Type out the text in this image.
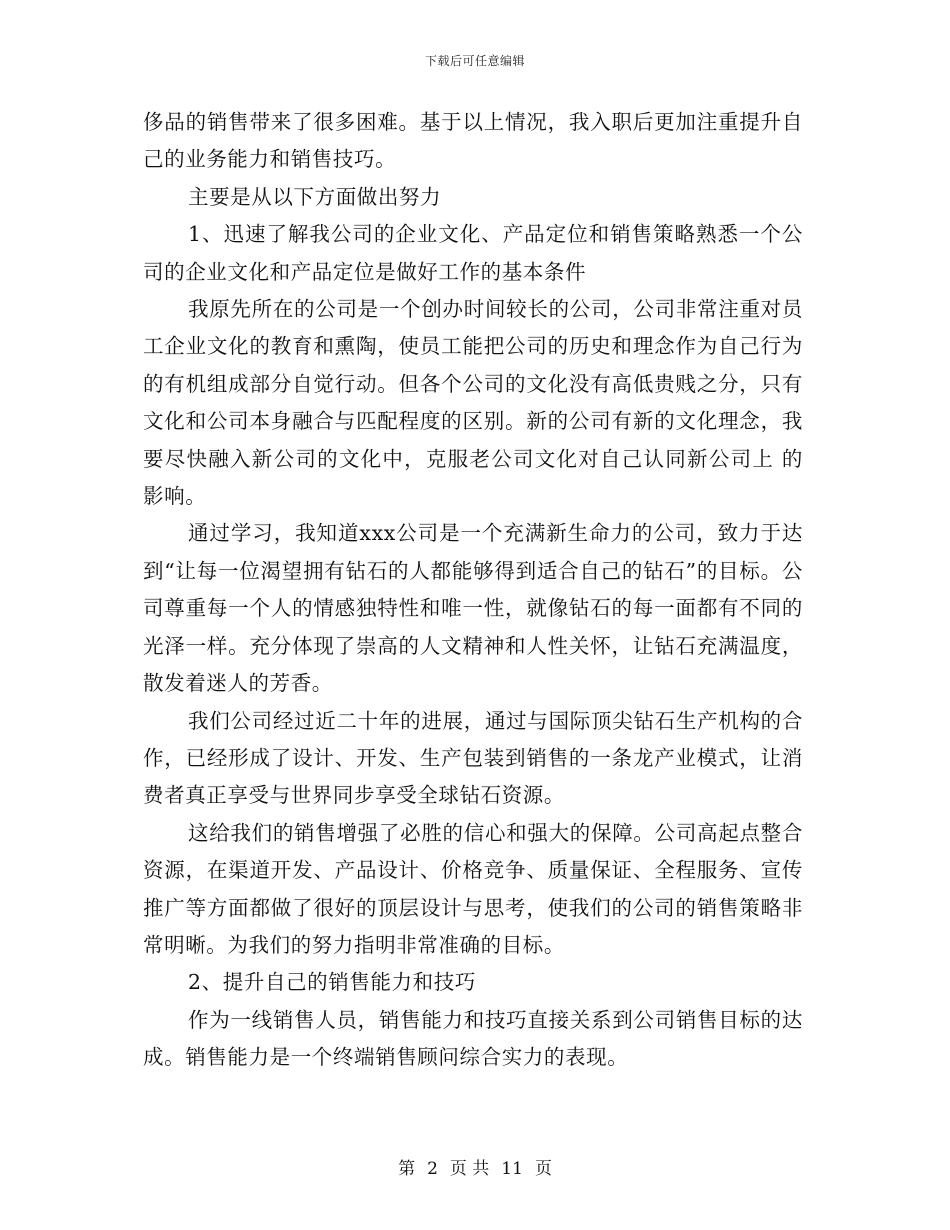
下载后可任意编辑

侈品的销售带来了很多困难。基于以上情况，我入职后更加注重提升自己的业务能力和销售技巧。

主要是从以下方面做出努力

1、迅速了解我公司的企业文化、产品定位和销售策略熟悉一个公司的企业文化和产品定位是做好工作的基本条件

我原先所在的公司是一个创办时间较长的公司，公司非常注重对员工企业文化的教育和熏陶，使员工能把公司的历史和理念作为自己行为的有机组成部分自觉行动。但各个公司的文化没有高低贵贱之分，只有文化和公司本身融合与匹配程度的区别。新的公司有新的文化理念，我要尽快融入新公司的文化中，克服老公司文化对自己认同新公司上 的影响。

通过学习，我知道xxx公司是一个充满新生命力的公司，致力于达到“让每一位渴望拥有钻石的人都能够得到适合自己的钻石”的目标。公司尊重每一个人的情感独特性和唯一性，就像钻石的每一面都有不同的光泽一样。充分体现了崇高的人文精神和人性关怀，让钻石充满温度，散发着迷人的芳香。

我们公司经过近二十年的进展，通过与国际顶尖钻石生产机构的合作，已经形成了设计、开发、生产包装到销售的一条龙产业模式，让消费者真正享受与世界同步享受全球钻石资源。

这给我们的销售增强了必胜的信心和强大的保障。公司高起点整合资源，在渠道开发、产品设计、价格竞争、质量保证、全程服务、宣传推广等方面都做了很好的顶层设计与思考，使我们的公司的销售策略非常明晰。为我们的努力指明非常准确的目标。

2、提升自己的销售能力和技巧

作为一线销售人员，销售能力和技巧直接关系到公司销售目标的达成。销售能力是一个终端销售顾问综合实力的表现。

第 2 页 共 11 页
